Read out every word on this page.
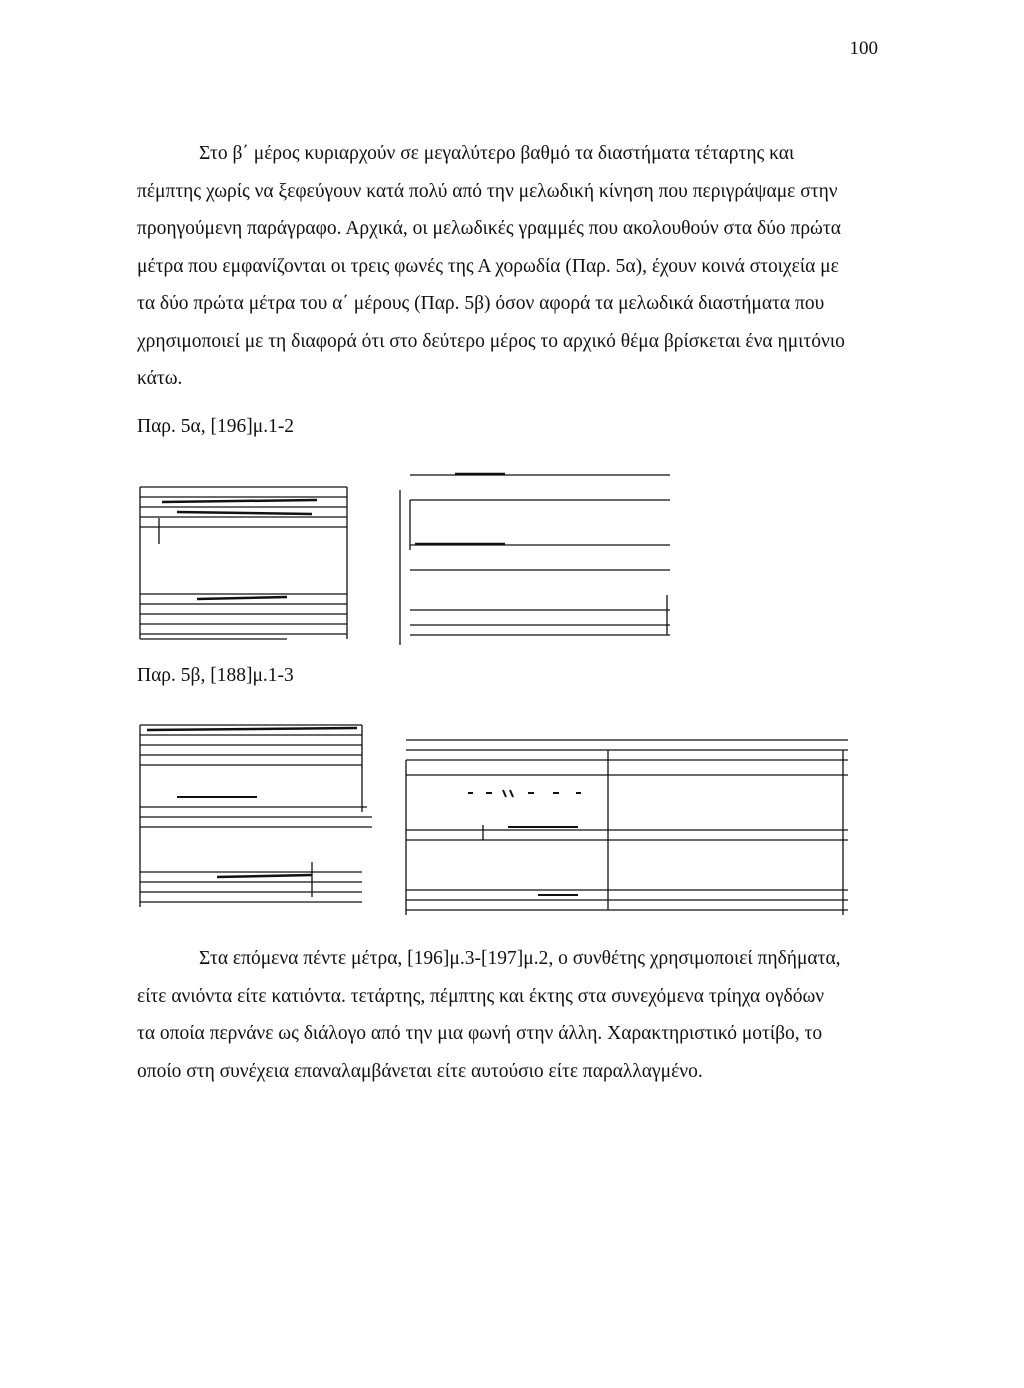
100

Στο β΄ μέρος κυριαρχούν σε μεγαλύτερο βαθμό τα διαστήματα τέταρτης και πέμπτης χωρίς να ξεφεύγουν κατά πολύ από την μελωδική κίνηση που περιγράψαμε στην προηγούμενη παράγραφο. Αρχικά, οι μελωδικές γραμμές που ακολουθούν στα δύο πρώτα μέτρα που εμφανίζονται οι τρεις φωνές της Α χορωδία (Παρ. 5α), έχουν κοινά στοιχεία με τα δύο πρώτα μέτρα του α΄ μέρους (Παρ. 5β) όσον αφορά τα μελωδικά διαστήματα που χρησιμοποιεί με τη διαφορά ότι στο δεύτερο μέρος το αρχικό θέμα βρίσκεται ένα ημιτόνιο κάτω.

Παρ. 5α, [196]μ.1-2
Παρ. 5β, [188]μ.1-3

Στα επόμενα πέντε μέτρα, [196]μ.3-[197]μ.2, ο συνθέτης χρησιμοποιεί πηδήματα, είτε ανιόντα είτε κατιόντα. τετάρτης, πέμπτης και έκτης στα συνεχόμενα τρίηχα ογδόων τα οποία περνάνε ως διάλογο από την μια φωνή στην άλλη. Χαρακτηριστικό μοτίβο, το οποίο στη συνέχεια επαναλαμβάνεται είτε αυτούσιο είτε παραλλαγμένο.
